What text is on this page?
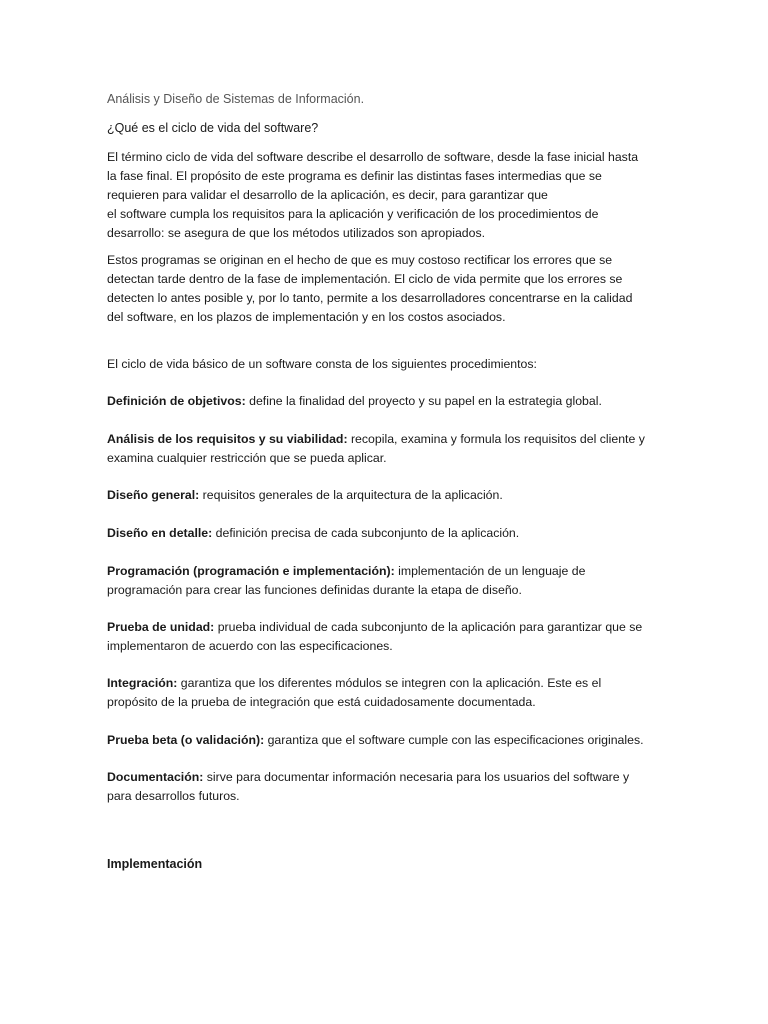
Análisis y Diseño de Sistemas de Información.
¿Qué es el ciclo de vida del software?
El término ciclo de vida del software describe el desarrollo de software, desde la fase inicial hasta
la fase final. El propósito de este programa es definir las distintas fases intermedias que se
requieren para validar el desarrollo de la aplicación, es decir, para garantizar que
el software cumpla los requisitos para la aplicación y verificación de los procedimientos de
desarrollo: se asegura de que los métodos utilizados son apropiados.
Estos programas se originan en el hecho de que es muy costoso rectificar los errores que se
detectan tarde dentro de la fase de implementación. El ciclo de vida permite que los errores se
detecten lo antes posible y, por lo tanto, permite a los desarrolladores concentrarse en la calidad
del software, en los plazos de implementación y en los costos asociados.
El ciclo de vida básico de un software consta de los siguientes procedimientos:
Definición de objetivos: define la finalidad del proyecto y su papel en la estrategia global.
Análisis de los requisitos y su viabilidad: recopila, examina y formula los requisitos del cliente y
examina cualquier restricción que se pueda aplicar.
Diseño general: requisitos generales de la arquitectura de la aplicación.
Diseño en detalle: definición precisa de cada subconjunto de la aplicación.
Programación (programación e implementación): implementación de un lenguaje de
programación para crear las funciones definidas durante la etapa de diseño.
Prueba de unidad: prueba individual de cada subconjunto de la aplicación para garantizar que se
implementaron de acuerdo con las especificaciones.
Integración: garantiza que los diferentes módulos se integren con la aplicación. Este es el
propósito de la prueba de integración que está cuidadosamente documentada.
Prueba beta (o validación): garantiza que el software cumple con las especificaciones originales.
Documentación: sirve para documentar información necesaria para los usuarios del software y
para desarrollos futuros.
Implementación
